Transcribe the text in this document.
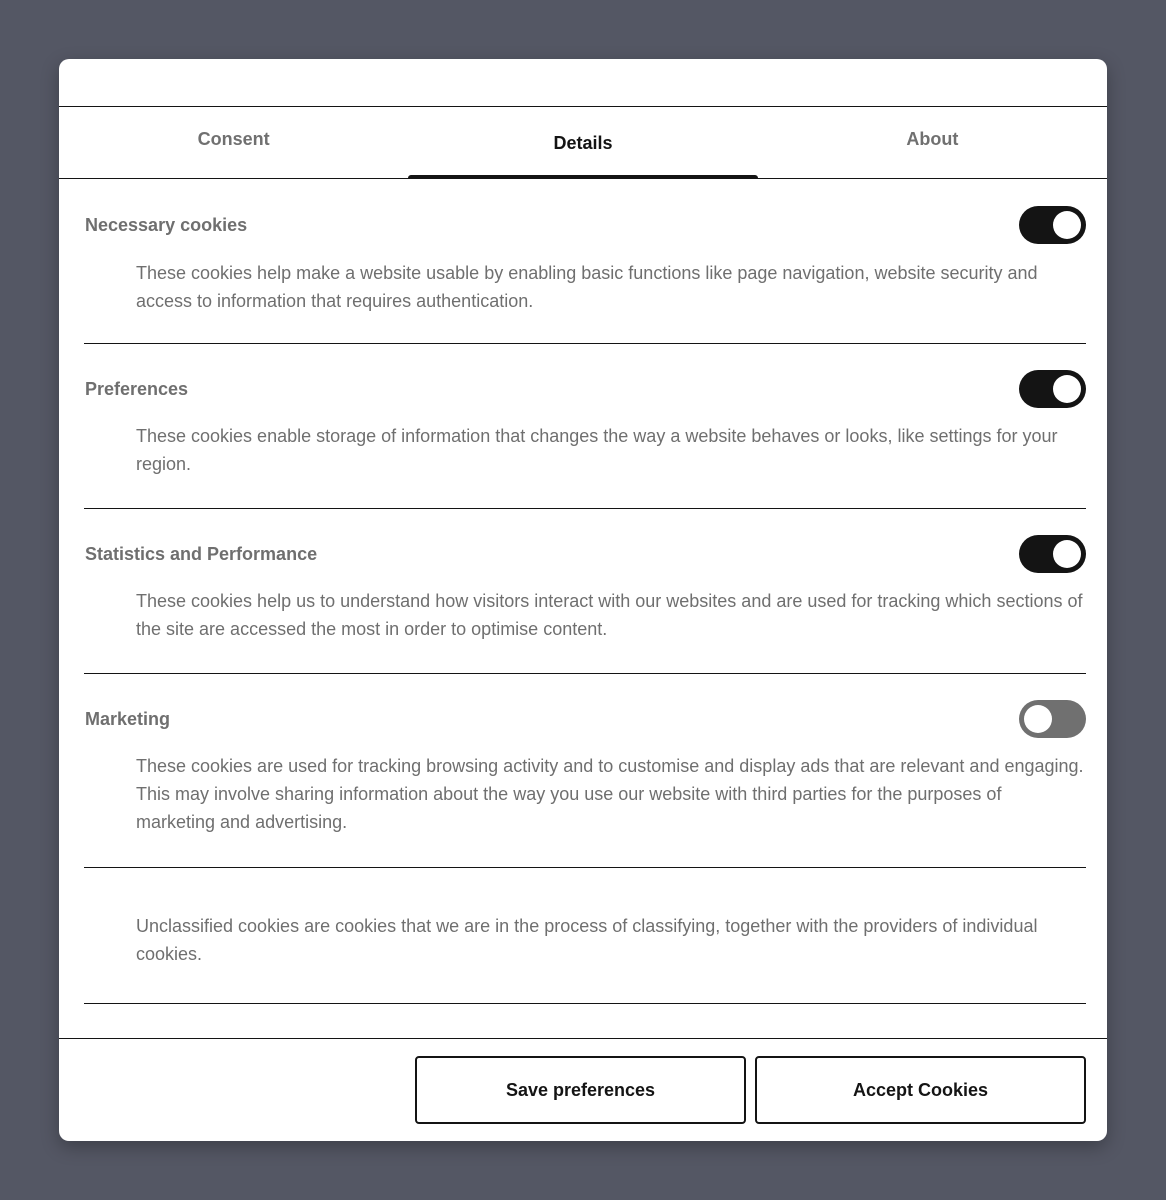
Consent	Details	About
Necessary cookies

These cookies help make a website usable by enabling basic functions like page navigation, website security and access to information that requires authentication.

Preferences

These cookies enable storage of information that changes the way a website behaves or looks, like settings for your region.

Statistics and Performance

These cookies help us to understand how visitors interact with our websites and are used for tracking which sections of the site are accessed the most in order to optimise content.

Marketing

These cookies are used for tracking browsing activity and to customise and display ads that are relevant and engaging. This may involve sharing information about the way you use our website with third parties for the purposes of marketing and advertising.

Unclassified cookies are cookies that we are in the process of classifying, together with the providers of individual cookies.

Save preferences	Accept Cookies
